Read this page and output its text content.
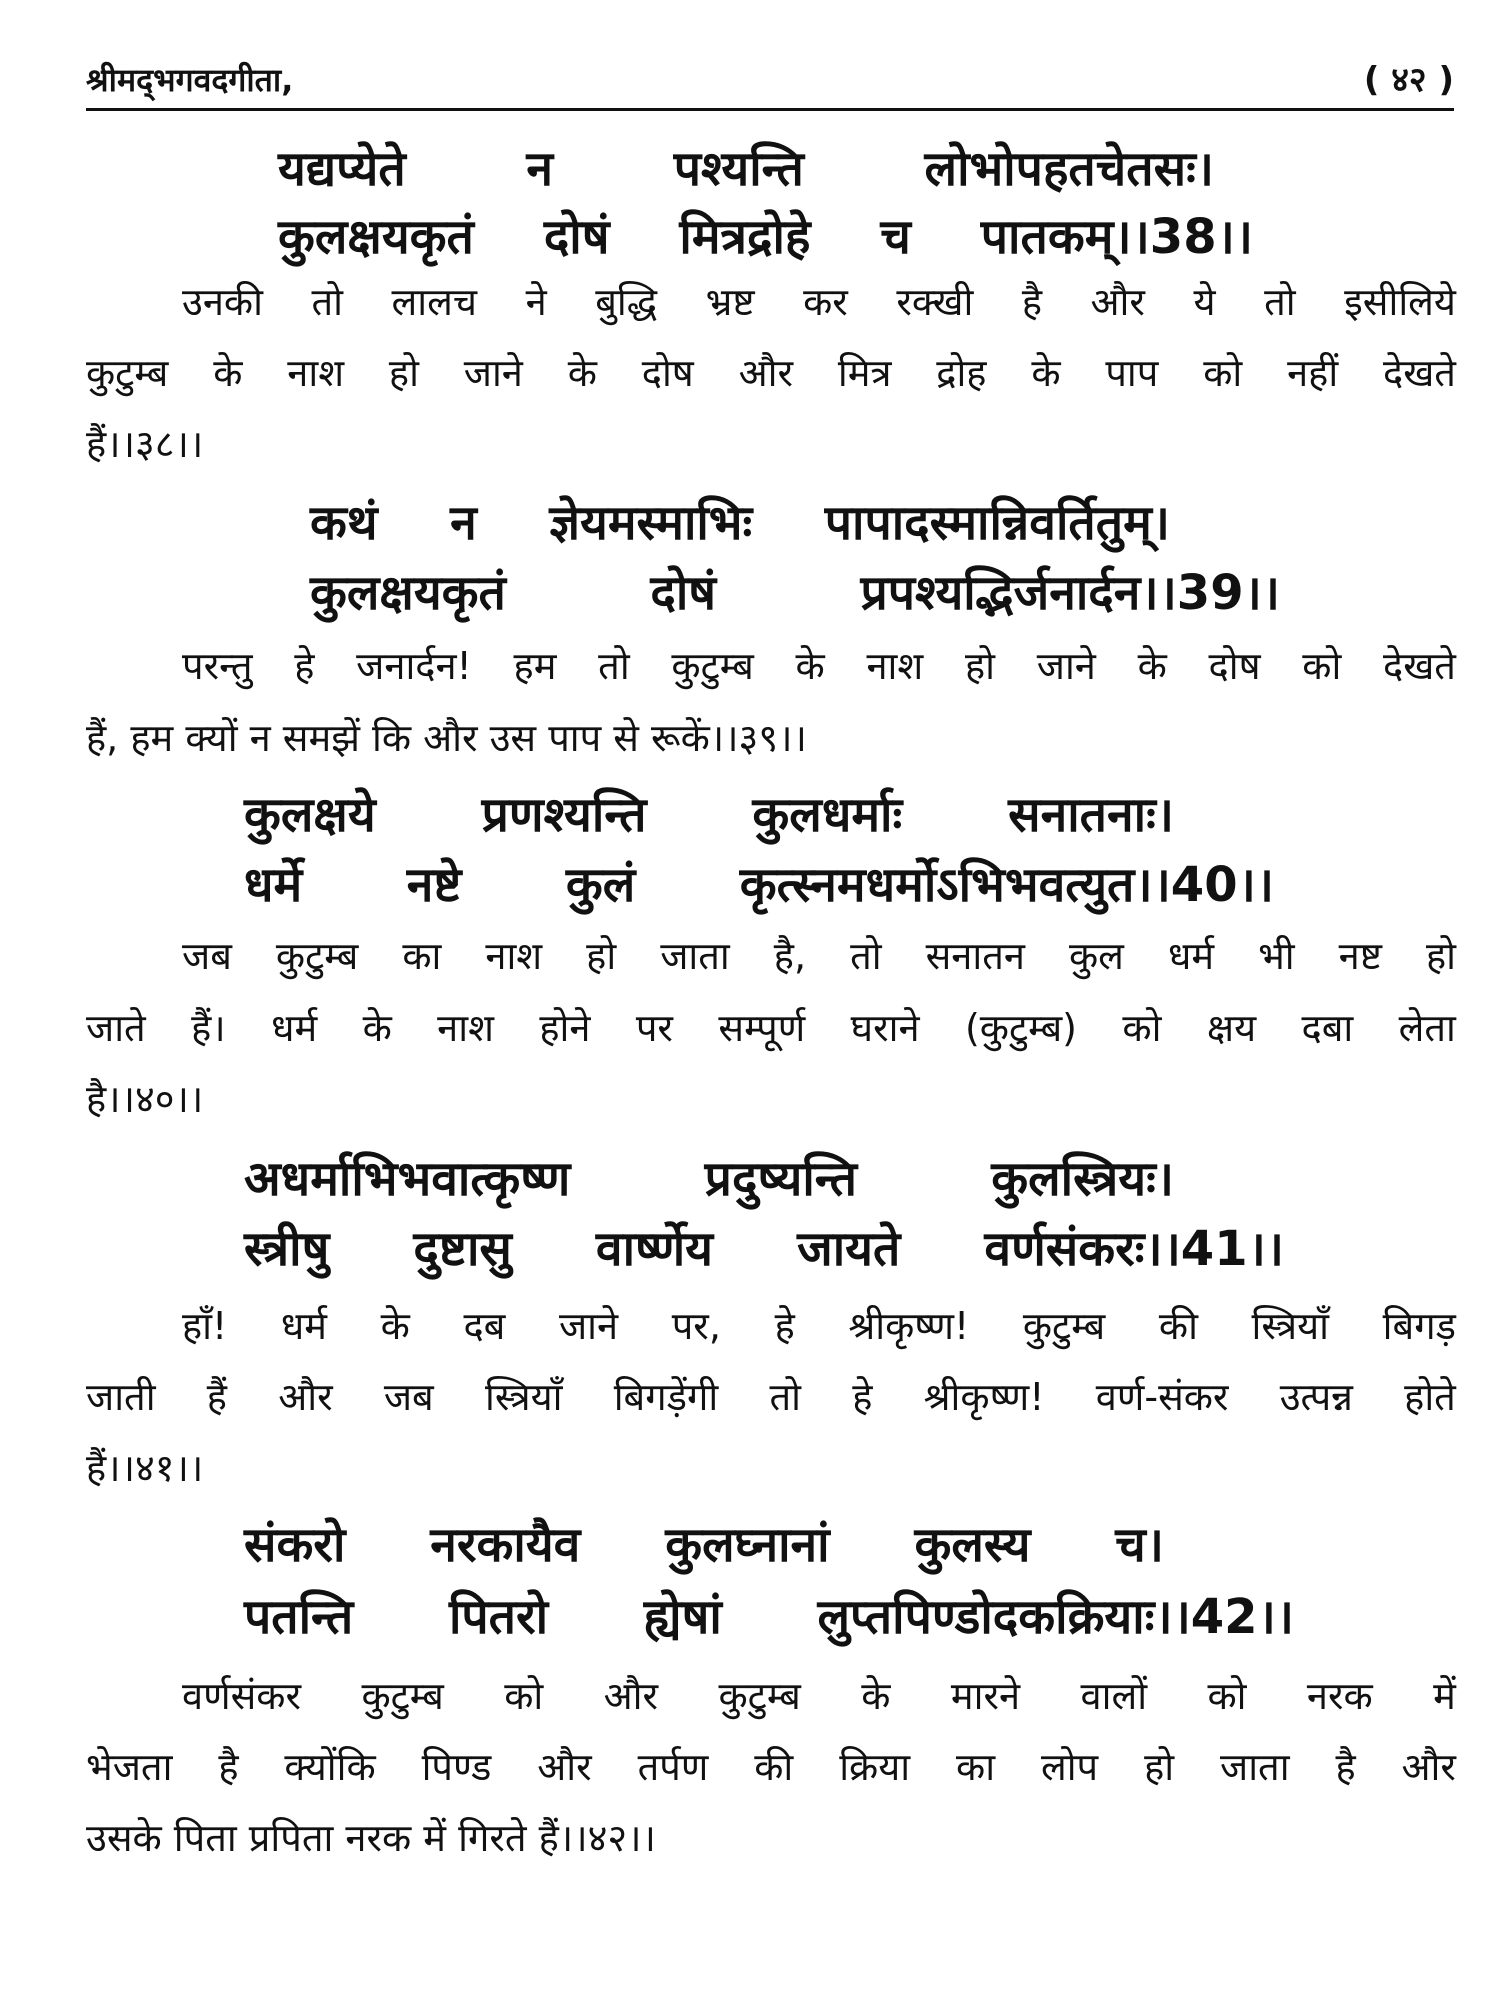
श्रीमद्‍भगवदगीता,	( ४२ )
यद्यप्येते	न	पश्यन्ति	लोभोपहतचेतसः।
कुलक्षयकृतं दोषं मित्रद्रोहे च पातकम्।।38।।
उनकी तो लालच ने बुद्धि भ्रष्ट कर रक्खी है और ये तो इसीलिये
कुटुम्ब के नाश हो जाने के दोष और मित्र द्रोह के पाप को नहीं देखते
हैं।।३८।।
कथं न ज्ञेयमस्माभिः पापादस्मान्निवर्तितुम्।
कुलक्षयकृतं	दोषं	प्रपश्यद्भिर्जनार्दन।।39।।
परन्तु हे जनार्दन! हम तो कुटुम्ब के नाश हो जाने के दोष को देखते
हैं, हम क्यों न समझें कि और उस पाप से रूकें।।३९।।
कुलक्षये प्रणश्यन्ति कुलधर्माः सनातनाः।
धर्मे नष्टे कुलं कृत्स्नमधर्मोऽभिभवत्युत।।40।।
जब कुटुम्ब का नाश हो जाता है, तो सनातन कुल धर्म भी नष्ट हो
जाते हैं। धर्म के नाश होने पर सम्पूर्ण घराने (कुटुम्ब) को क्षय दबा लेता
है।।४०।।
अधर्माभिभवात्कृष्ण	प्रदुष्यन्ति	कुलस्त्रियः।
स्त्रीषु दुष्टासु वार्ष्णेय जायते वर्णसंकरः।।41।।
हाँ! धर्म के दब जाने पर, हे श्रीकृष्ण! कुटुम्ब की स्त्रियाँ बिगड़
जाती हैं और जब स्त्रियाँ बिगड़ेंगी तो हे श्रीकृष्ण! वर्ण-संकर उत्पन्न होते
हैं।।४१।।
संकरो नरकायैव कुलघ्नानां कुलस्य च।
पतन्ति पितरो ह्येषां लुप्तपिण्डोदकक्रियाः।।42।।
वर्णसंकर कुटुम्ब को और कुटुम्ब के मारने वालों को नरक में
भेजता है क्योंकि पिण्ड और तर्पण की क्रिया का लोप हो जाता है और
उसके पिता प्रपिता नरक में गिरते हैं।।४२।।
